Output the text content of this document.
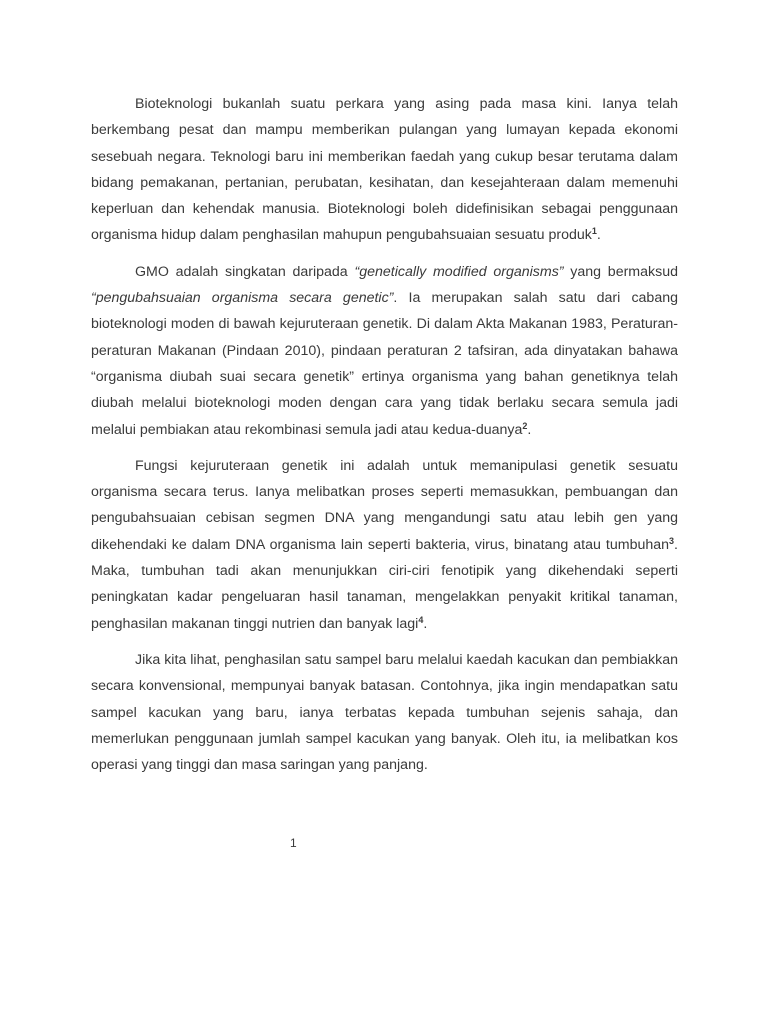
Bioteknologi bukanlah suatu perkara yang asing pada masa kini. Ianya telah berkembang pesat dan mampu memberikan pulangan yang lumayan kepada ekonomi sesebuah negara. Teknologi baru ini memberikan faedah yang cukup besar terutama dalam bidang pemakanan, pertanian, perubatan, kesihatan, dan kesejahteraan dalam memenuhi keperluan dan kehendak manusia. Bioteknologi boleh didefinisikan sebagai penggunaan organisma hidup dalam penghasilan mahupun pengubahsuaian sesuatu produk$^1$.

GMO adalah singkatan daripada “genetically modified organisms” yang bermaksud “pengubahsuaian organisma secara genetic”. Ia merupakan salah satu dari cabang bioteknologi moden di bawah kejuruteraan genetik. Di dalam Akta Makanan 1983, Peraturan-peraturan Makanan (Pindaan 2010), pindaan peraturan 2 tafsiran, ada dinyatakan bahawa “organisma diubah suai secara genetik” ertinya organisma yang bahan genetiknya telah diubah melalui bioteknologi moden dengan cara yang tidak berlaku secara semula jadi melalui pembiakan atau rekombinasi semula jadi atau kedua-duanya$^2$.

Fungsi kejuruteraan genetik ini adalah untuk memanipulasi genetik sesuatu organisma secara terus. Ianya melibatkan proses seperti memasukkan, pembuangan dan pengubahsuaian cebisan segmen DNA yang mengandungi satu atau lebih gen yang dikehendaki ke dalam DNA organisma lain seperti bakteria, virus, binatang atau tumbuhan$^3$. Maka, tumbuhan tadi akan menunjukkan ciri-ciri fenotipik yang dikehendaki seperti peningkatan kadar pengeluaran hasil tanaman, mengelakkan penyakit kritikal tanaman, penghasilan makanan tinggi nutrien dan banyak lagi$^4$.

Jika kita lihat, penghasilan satu sampel baru melalui kaedah kacukan dan pembiakkan secara konvensional, mempunyai banyak batasan. Contohnya, jika ingin mendapatkan satu sampel kacukan yang baru, ianya terbatas kepada tumbuhan sejenis sahaja, dan memerlukan penggunaan jumlah sampel kacukan yang banyak. Oleh itu, ia melibatkan kos operasi yang tinggi dan masa saringan yang panjang.

1
